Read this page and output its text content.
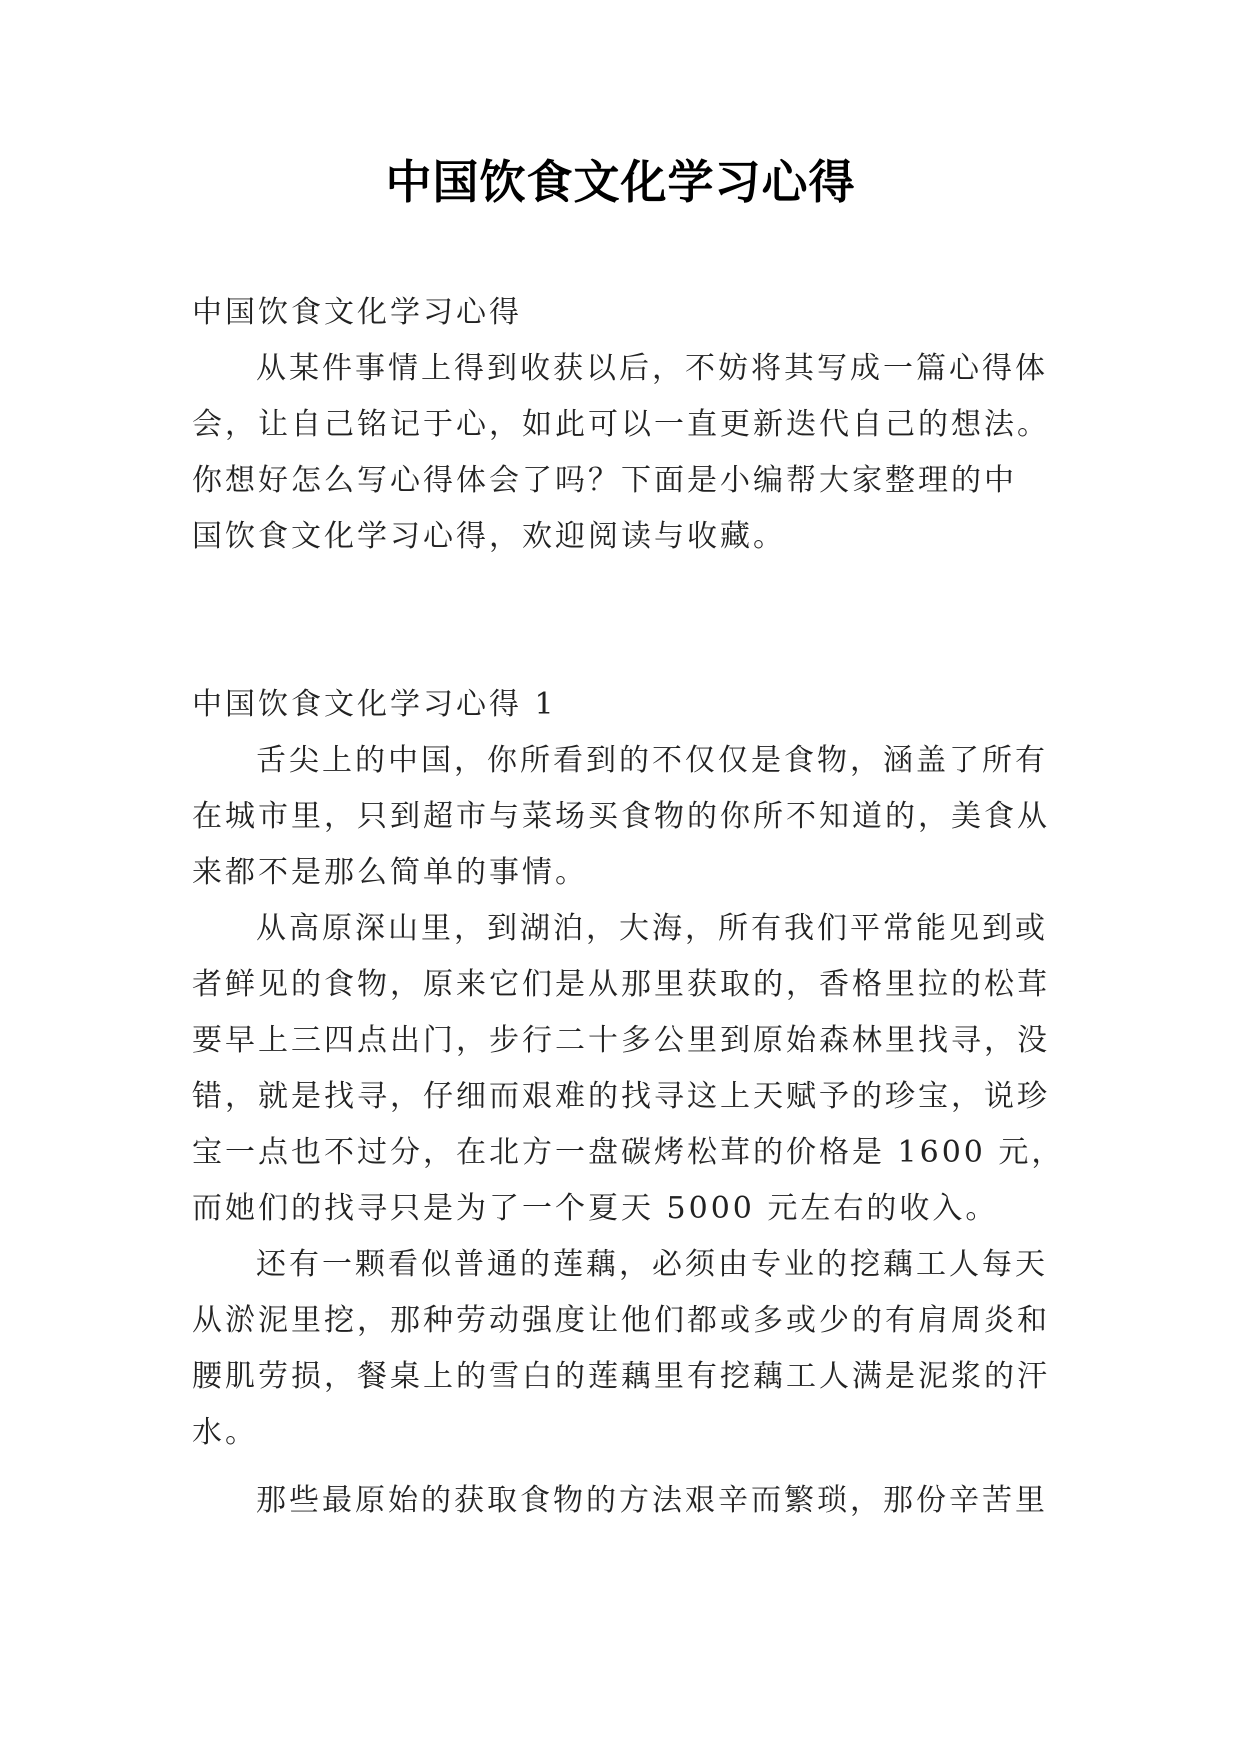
中国饮食文化学习心得

中国饮食文化学习心得

从某件事情上得到收获以后，不妨将其写成一篇心得体

会，让自己铭记于心，如此可以一直更新迭代自己的想法。

你想好怎么写心得体会了吗？下面是小编帮大家整理的中

国饮食文化学习心得，欢迎阅读与收藏。

中国饮食文化学习心得 1

舌尖上的中国，你所看到的不仅仅是食物，涵盖了所有

在城市里，只到超市与菜场买食物的你所不知道的，美食从

来都不是那么简单的事情。

从高原深山里，到湖泊，大海，所有我们平常能见到或

者鲜见的食物，原来它们是从那里获取的，香格里拉的松茸

要早上三四点出门，步行二十多公里到原始森林里找寻，没

错，就是找寻，仔细而艰难的找寻这上天赋予的珍宝，说珍

宝一点也不过分，在北方一盘碳烤松茸的价格是 1600 元，

而她们的找寻只是为了一个夏天 5000 元左右的收入。

还有一颗看似普通的莲藕，必须由专业的挖藕工人每天

从淤泥里挖，那种劳动强度让他们都或多或少的有肩周炎和

腰肌劳损，餐桌上的雪白的莲藕里有挖藕工人满是泥浆的汗

水。

那些最原始的获取食物的方法艰辛而繁琐，那份辛苦里
